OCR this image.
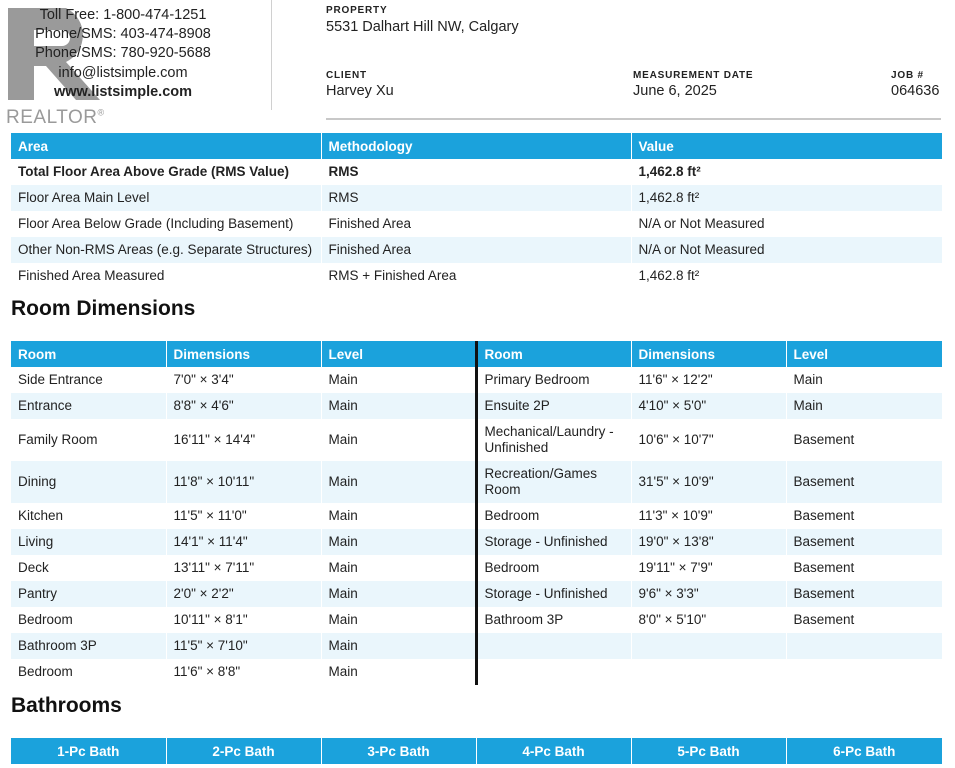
REALTOR®
Toll Free: 1-800-474-1251
Phone/SMS: 403-474-8908
Phone/SMS: 780-920-5688
info@listsimple.com
www.listsimple.com
PROPERTY
5531 Dalhart Hill NW, Calgary
CLIENT
Harvey Xu
MEASUREMENT DATE
June 6, 2025
JOB #
064636
Area	Methodology	Value
Total Floor Area Above Grade (RMS Value)	RMS	1,462.8 ft²
Floor Area Main Level	RMS	1,462.8 ft²
Floor Area Below Grade (Including Basement)	Finished Area	N/A or Not Measured
Other Non-RMS Areas (e.g. Separate Structures)	Finished Area	N/A or Not Measured
Finished Area Measured	RMS + Finished Area	1,462.8 ft²
Room Dimensions
Room	Dimensions	Level	Room	Dimensions	Level
Side Entrance	7'0" × 3'4"	Main	Primary Bedroom	11'6" × 12'2"	Main
Entrance	8'8" × 4'6"	Main	Ensuite 2P	4'10" × 5'0"	Main
Family Room	16'11" × 14'4"	Main	Mechanical/Laundry - Unfinished	10'6" × 10'7"	Basement
Dining	11'8" × 10'11"	Main	Recreation/Games Room	31'5" × 10'9"	Basement
Kitchen	11'5" × 11'0"	Main	Bedroom	11'3" × 10'9"	Basement
Living	14'1" × 11'4"	Main	Storage - Unfinished	19'0" × 13'8"	Basement
Deck	13'11" × 7'11"	Main	Bedroom	19'11" × 7'9"	Basement
Pantry	2'0" × 2'2"	Main	Storage - Unfinished	9'6" × 3'3"	Basement
Bedroom	10'11" × 8'1"	Main	Bathroom 3P	8'0" × 5'10"	Basement
Bathroom 3P	11'5" × 7'10"	Main			
Bedroom	11'6" × 8'8"	Main			
Bathrooms
1-Pc Bath	2-Pc Bath	3-Pc Bath	4-Pc Bath	5-Pc Bath	6-Pc Bath
